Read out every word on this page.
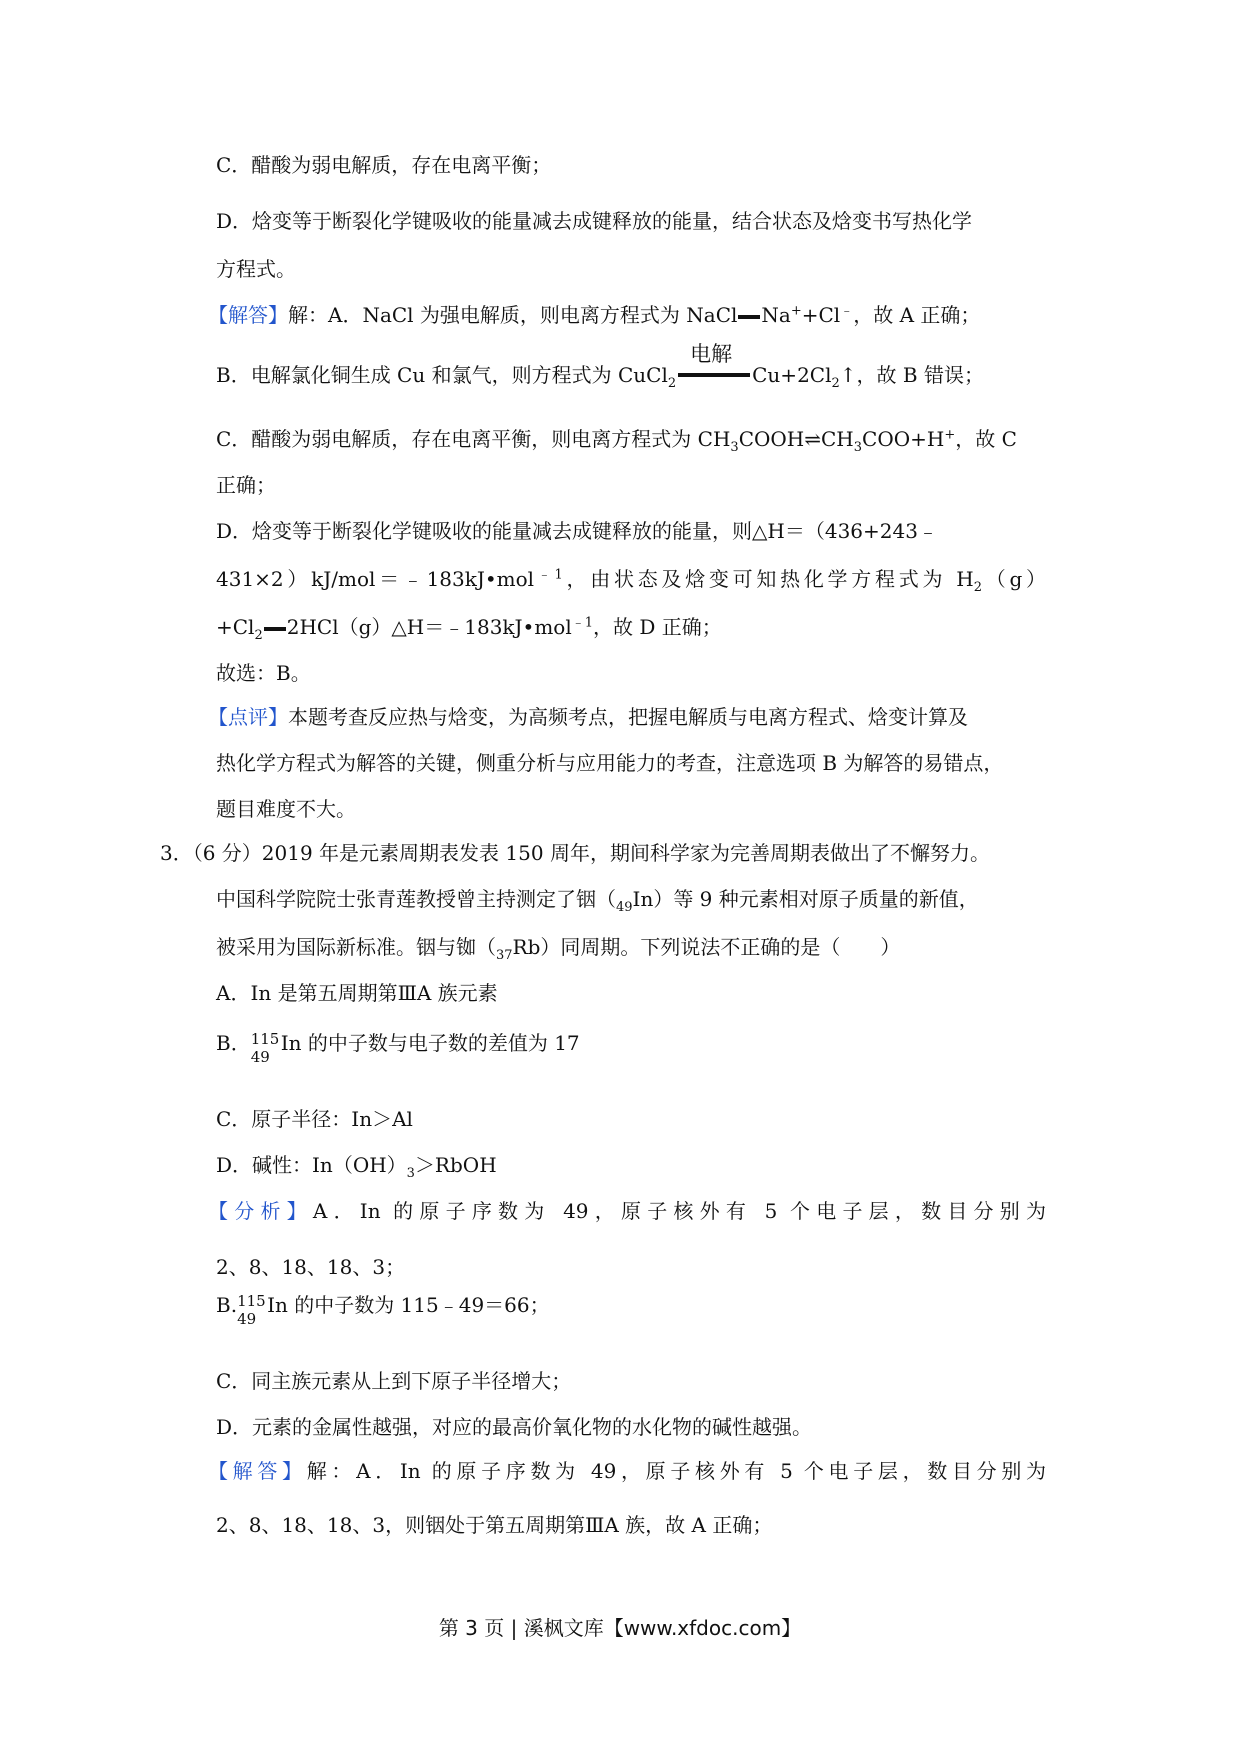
C．醋酸为弱电解质，存在电离平衡；
D．焓变等于断裂化学键吸收的能量减去成键释放的能量，结合状态及焓变书写热化学
方程式。
【解答】解：A．NaCl 为强电解质，则电离方程式为 NaCl Na++Cl﹣，故 A 正确；
B．电解氯化铜生成 Cu 和氯气，则方程式为 CuCl$_2$
电解
$Cu+2Cl_2↑$，故 B 错误；
C．醋酸为弱电解质，存在电离平衡，则电离方程式为 $CH_3COOH\rightleftharpoons CH_3COO+H^+$，故 C
正确；
D．焓变等于断裂化学键吸收的能量减去成键释放的能量，则△H＝（436+243﹣
431×2）kJ/mol＝﹣183kJ•mol$^{﹣1}$，由状态及焓变可知热化学方程式为 $H_2(g)$
$+Cl_2$ 2HCl（g）△H＝﹣183kJ•mol$^{﹣1}$，故 D 正确；
故选：B。
【点评】本题考查反应热与焓变，为高频考点，把握电解质与电离方程式、焓变计算及
热化学方程式为解答的关键，侧重分析与应用能力的考查，注意选项 B 为解答的易错点，
题目难度不大。
3．（6 分）2019 年是元素周期表发表 150 周年，期间科学家为完善周期表做出了不懈努力。
中国科学院院士张青莲教授曾主持测定了铟$(_{49}In)$等 9 种元素相对原子质量的新值，
被采用为国际新标准。铟与铷$(_{37}Rb)$同周期。下列说法不正确的是（　　）
A．In 是第五周期第ⅢA 族元素
B． 115
49
In 的中子数与电子数的差值为 17
C．原子半径：In＞Al
D．碱性：$In(OH)_3>RbOH$
【分析】A．In 的原子序数为 49，原子核外有 5 个电子层，数目分别为
2、8、18、18、3；
B. 115
49
In 的中子数为 115﹣49＝66；
C．同主族元素从上到下原子半径增大；
D．元素的金属性越强，对应的最高价氧化物的水化物的碱性越强。
【解答】解：A．In 的原子序数为 49，原子核外有 5 个电子层，数目分别为
2、8、18、18、3，则铟处于第五周期第ⅢA 族，故 A 正确；
第 3 页 | 溪枫文库【www.xfdoc.com】
